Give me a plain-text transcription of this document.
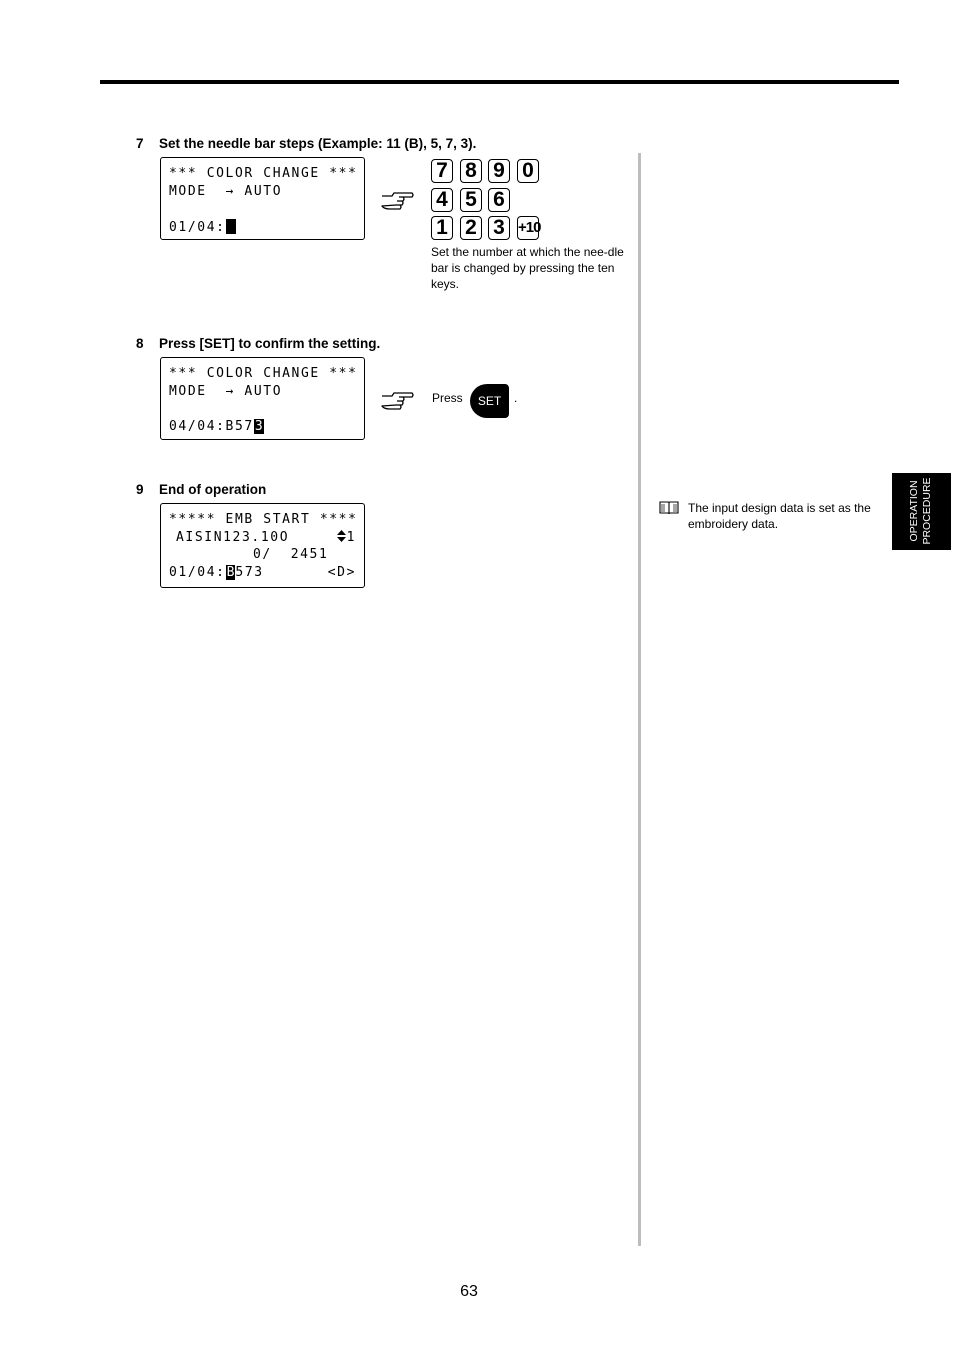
7 Set the needle bar steps (Example: 11 (B), 5, 7, 3).
*** COLOR CHANGE ***
MODE  → AUTO
01/04:
7 8 9 0
4 5 6
1 2 3 +10
Set the number at which the nee-dle bar is changed by pressing the ten keys.
8 Press [SET] to confirm the setting.
*** COLOR CHANGE ***
MODE  → AUTO
04/04:B573
Press	SET	.
9 End of operation
***** EMB START ****
AISIN123.10O	1
0/  2451
01/04:B573	<D>
The input design data is set as the embroidery data.	OPERATION PROCEDURE
63
